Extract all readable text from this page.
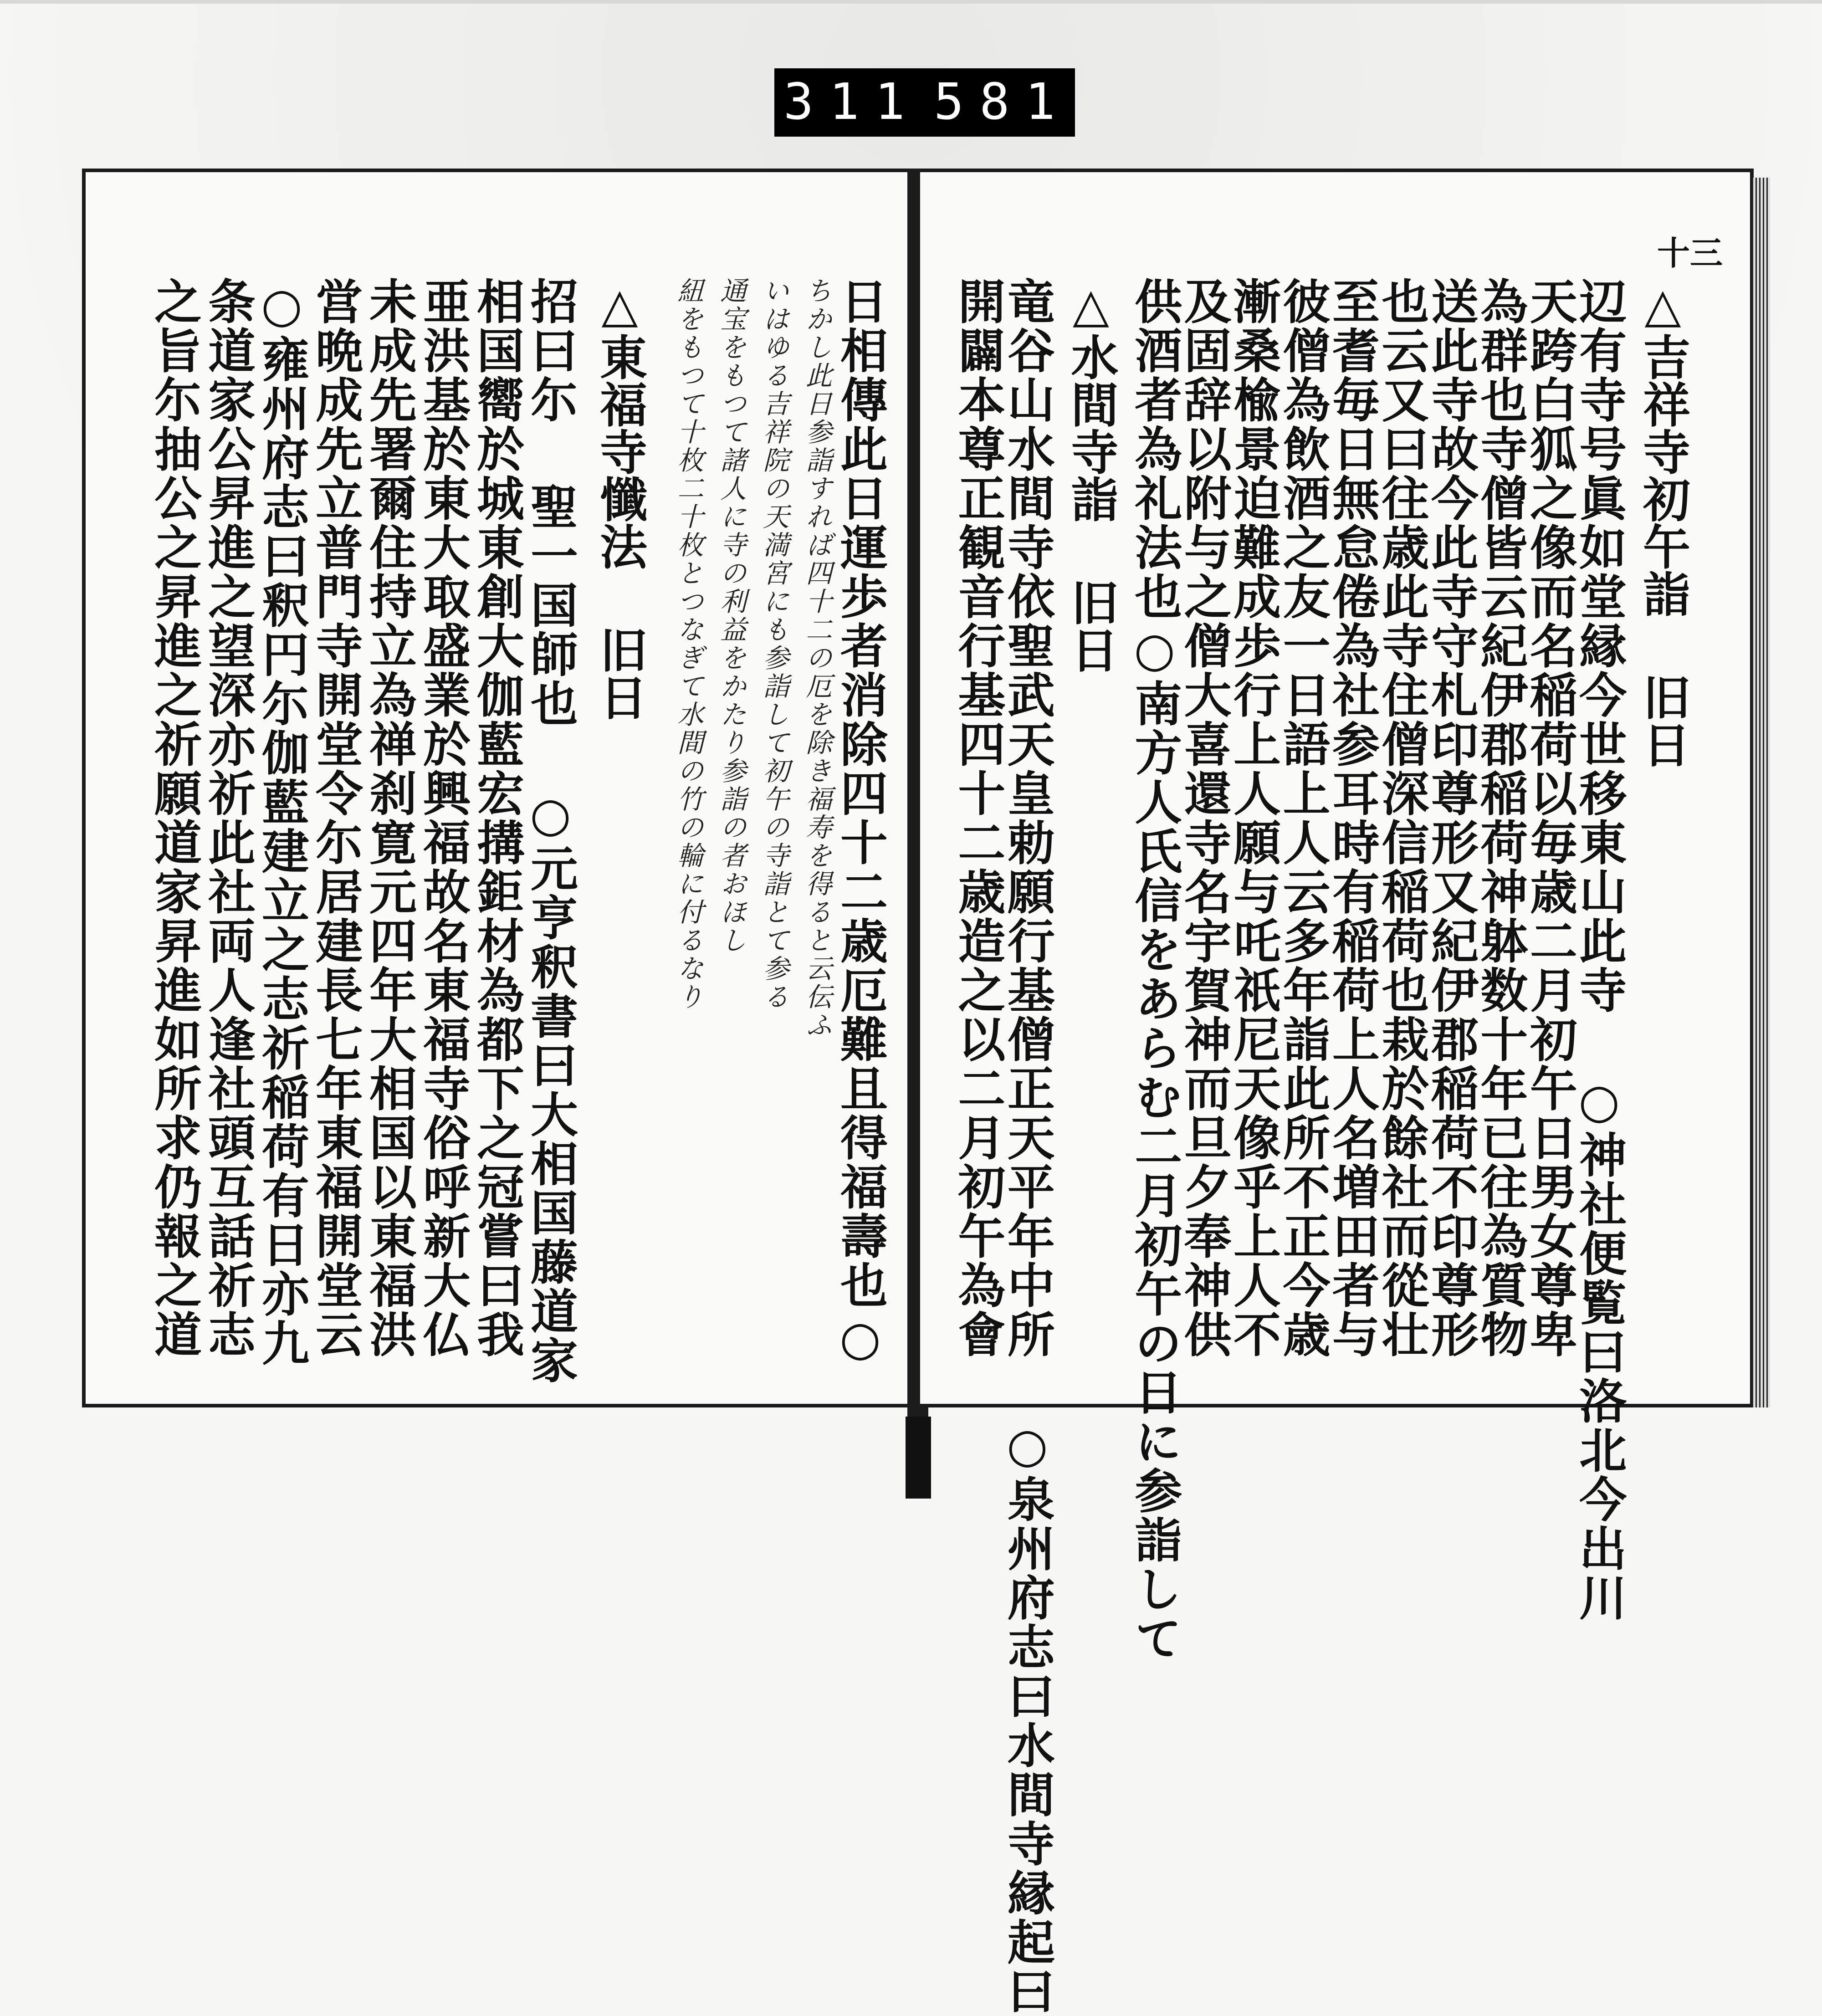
311 581
日相傳此日運歩者消除四十二歳厄難且得福壽也○
ちかし此日参詣すれば四十二の厄を除き福寿を得ると云伝ふ
いはゆる吉祥院の天満宮にも参詣して初午の寺詣とて参る
通宝をもつて諸人に寺の利益をかたり参詣の者おほし
紐をもつて十枚二十枚とつなぎて水間の竹の輪に付るなり
△東福寺懺法 旧日
招曰尓 聖一国師也 ○元亨釈書曰大相国藤道家
相国嚮於城東創大伽藍宏搆鉅材為都下之冠嘗曰我
亜洪基於東大取盛業於興福故名東福寺俗呼新大仏
未成先署爾住持立為禅刹寛元四年大相国以東福洪
営晩成先立普門寺開堂令尓居建長七年東福開堂云
○雍州府志曰釈円尓伽藍建立之志祈稲荷有日亦九
条道家公昇進之望深亦祈此社両人逢社頭互話祈志
之旨尓抽公之昇進之祈願道家昇進如所求仍報之道
十三
△吉祥寺初午詣 旧日
辺有寺号眞如堂縁今世移東山此寺 ○神社便覧曰洛北今出川
天跨白狐之像而名稲荷以毎歳二月初午日男女尊卑
為群也寺僧皆云紀伊郡稲荷神躰数十年已往為質物
送此寺故今此寺守札印尊形又紀伊郡稲荷不印尊形
也云又曰往歳此寺住僧深信稲荷也栽於餘社而從壮
至耆毎日無怠倦為社参耳時有稲荷上人名増田者与
彼僧為飲酒之友一日語上人云多年詣此所不正今歳
漸桑楡景迫難成歩行上人願与吒祇尼天像乎上人不
及固辞以附与之僧大喜還寺名宇賀神而旦夕奉神供
供酒者為礼法也○南方人氏信をあらむ二月初午の日に参詣して
△水間寺詣 旧日
竜谷山水間寺依聖武天皇勅願行基僧正天平年中所 ○泉州府志曰水間寺縁起曰
開闢本尊正観音行基四十二歳造之以二月初午為會
